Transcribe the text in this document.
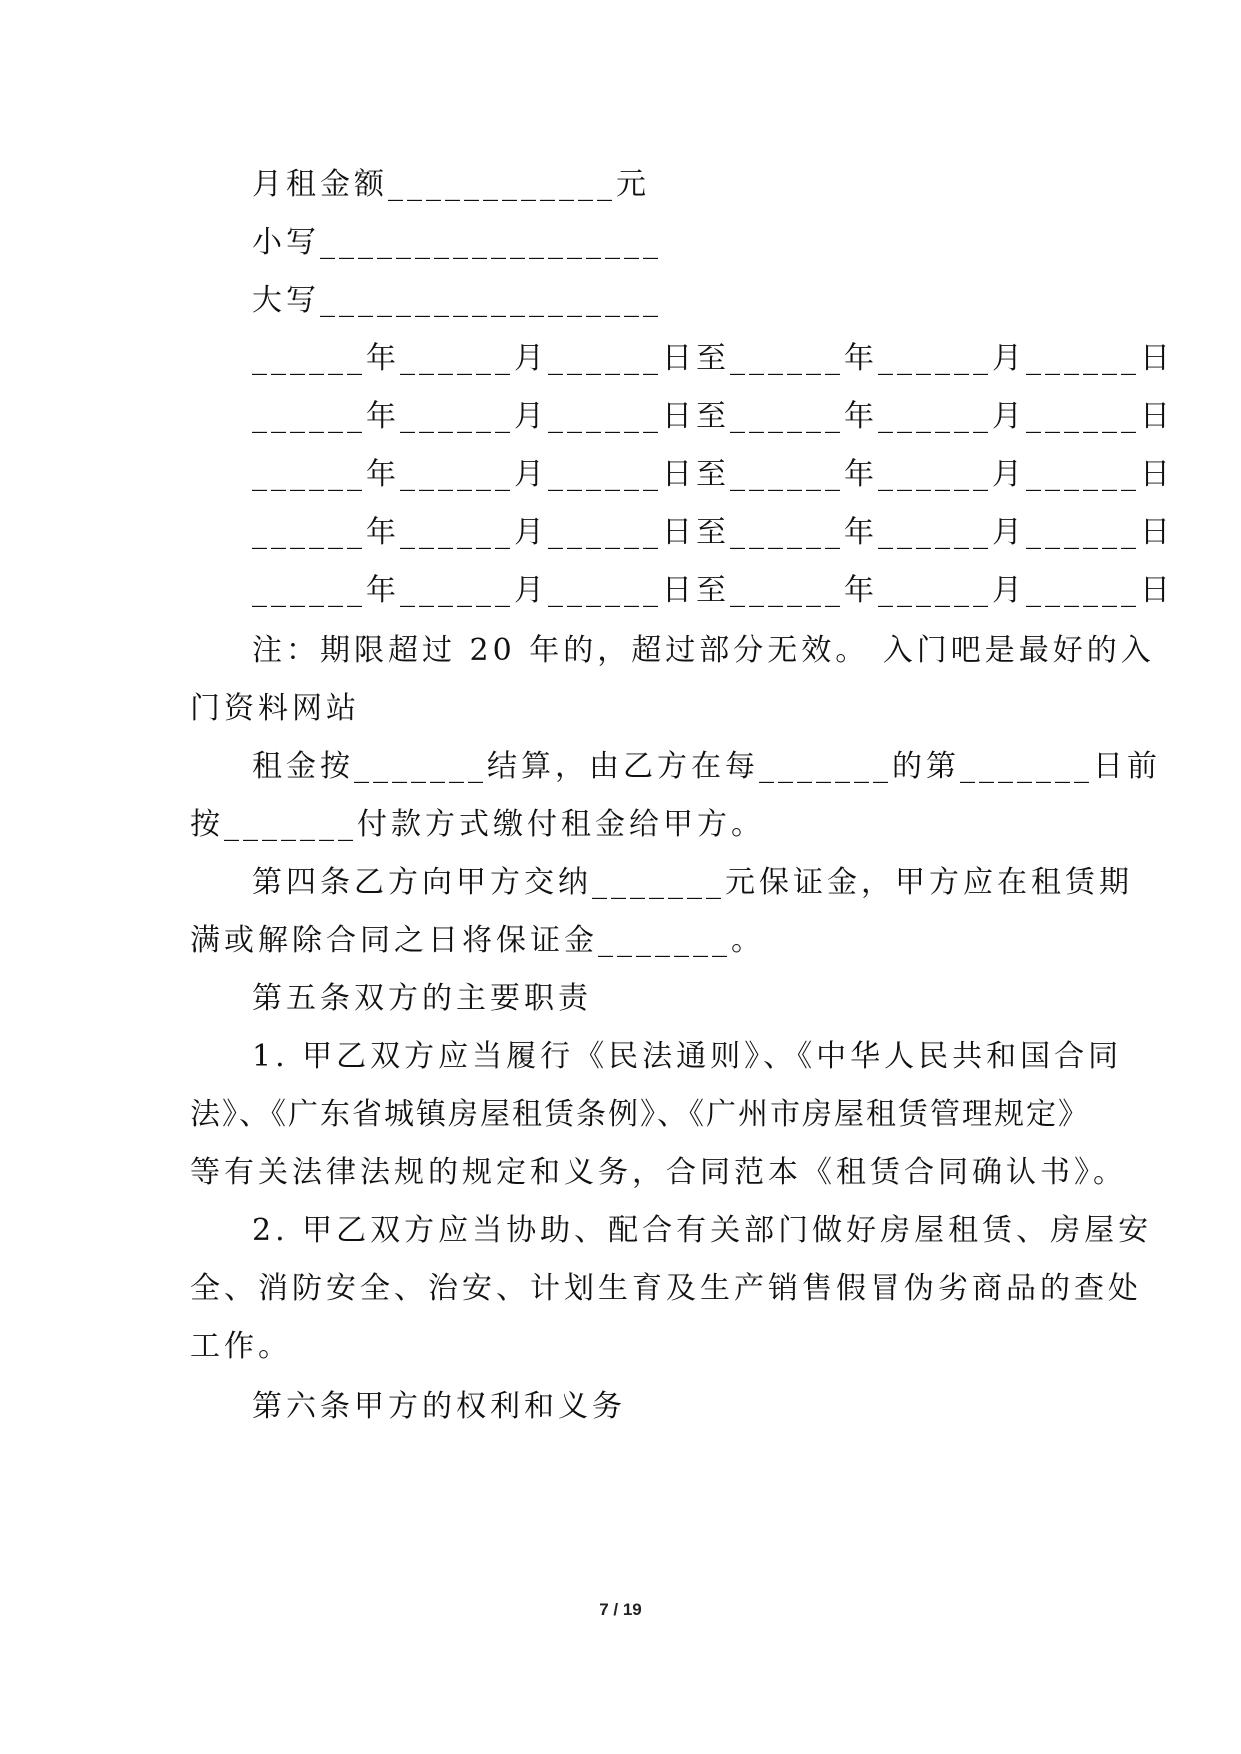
月租金额____________元
小写__________________
大写__________________
______年______月______日至______年______月______日
______年______月______日至______年______月______日
______年______月______日至______年______月______日
______年______月______日至______年______月______日
______年______月______日至______年______月______日
注：期限超过 20 年的，超过部分无效。 入门吧是最好的入
门资料网站
租金按_______结算，由乙方在每_______的第_______日前
按_______付款方式缴付租金给甲方。
第四条乙方向甲方交纳_______元保证金，甲方应在租赁期
满或解除合同之日将保证金_______。
第五条双方的主要职责
1. 甲乙双方应当履行《民法通则》、《中华人民共和国合同
法》、《广东省城镇房屋租赁条例》、《广州市房屋租赁管理规定》
等有关法律法规的规定和义务，合同范本《租赁合同确认书》。
2. 甲乙双方应当协助、配合有关部门做好房屋租赁、房屋安
全、消防安全、治安、计划生育及生产销售假冒伪劣商品的查处
工作。
第六条甲方的权利和义务
7 / 19
